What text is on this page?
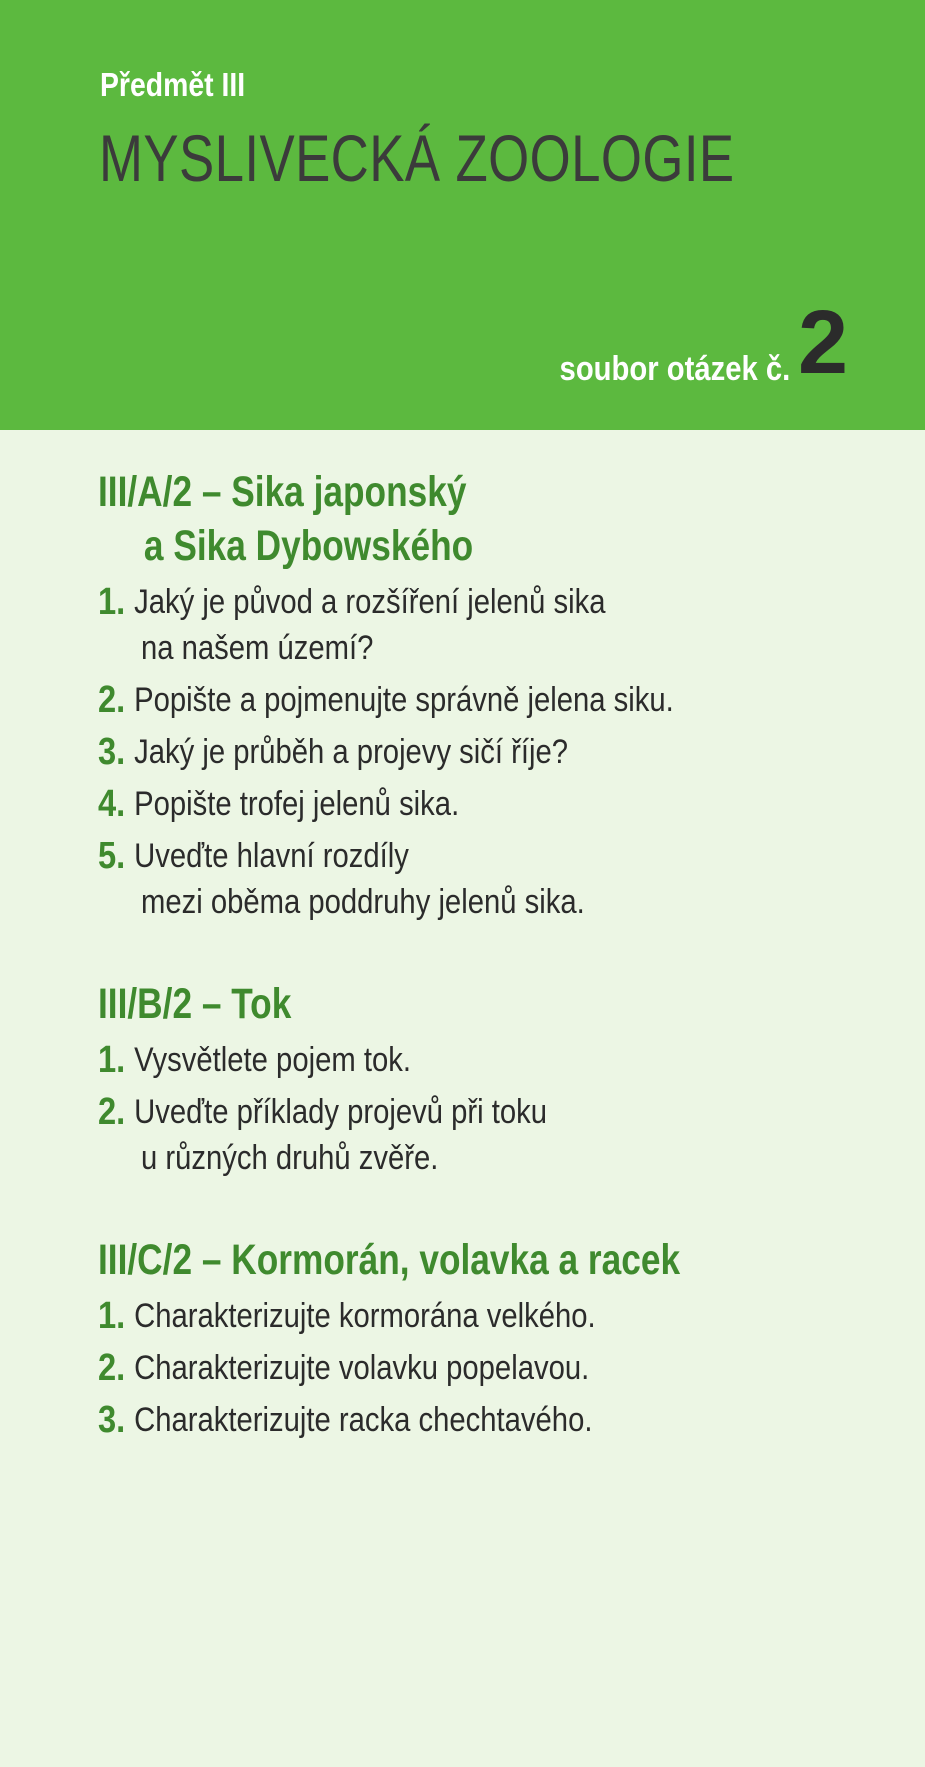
Předmět III
MYSLIVECKÁ ZOOLOGIE
soubor otázek č. 2
III/A/2 – Sika japonský
a Sika Dybowského
1. Jaký je původ a rozšíření jelenů sika
na našem území?
2. Popište a pojmenujte správně jelena siku.
3. Jaký je průběh a projevy sičí říje?
4. Popište trofej jelenů sika.
5. Uveďte hlavní rozdíly
mezi oběma poddruhy jelenů sika.
III/B/2 – Tok
1. Vysvětlete pojem tok.
2. Uveďte příklady projevů při toku
u různých druhů zvěře.
III/C/2 – Kormorán, volavka a racek
1. Charakterizujte kormorána velkého.
2. Charakterizujte volavku popelavou.
3. Charakterizujte racka chechtavého.
